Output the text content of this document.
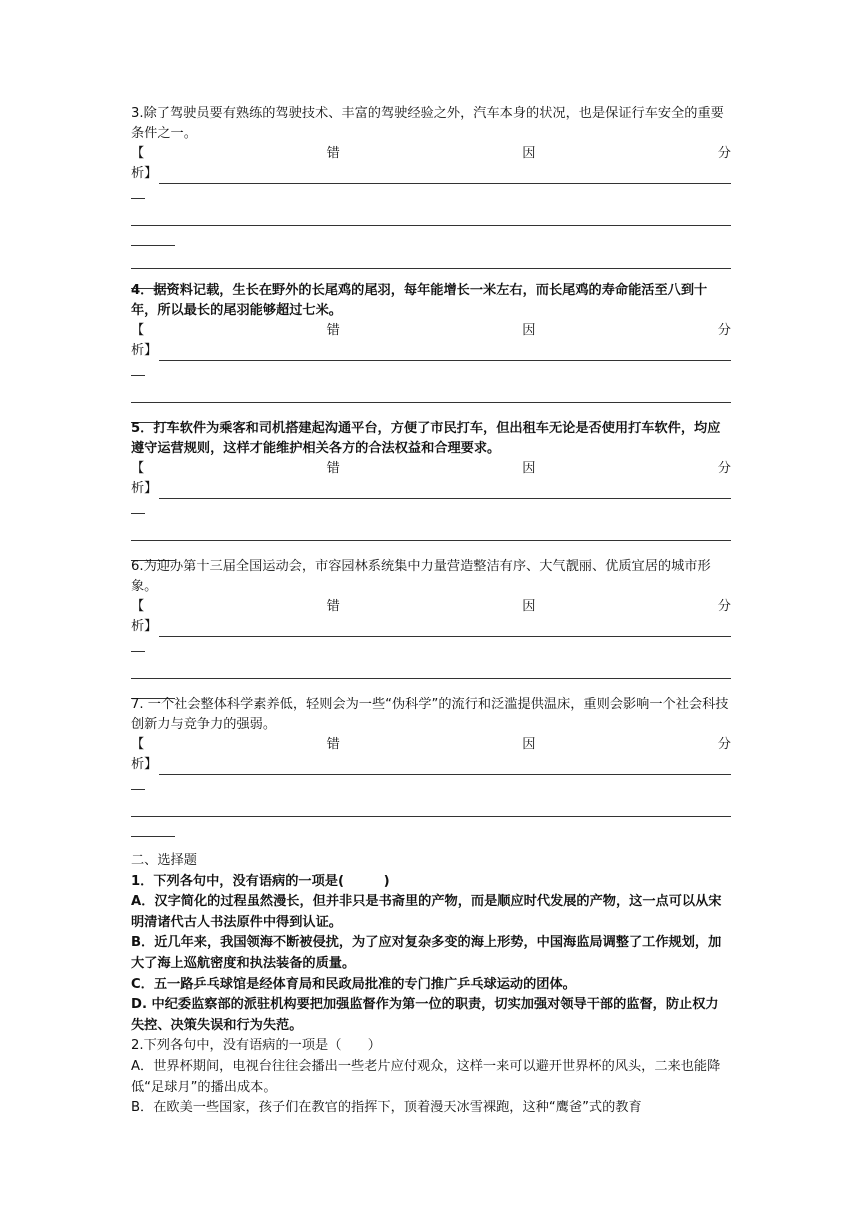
3.除了驾驶员要有熟练的驾驶技术、丰富的驾驶经验之外，汽车本身的状况，也是保证行车安全的重要条件之一。

【	错	因	分
析】

4．据资料记载，生长在野外的长尾鸡的尾羽，每年能增长一米左右，而长尾鸡的寿命能活至八到十年，所以最长的尾羽能够超过七米。

【	错	因	分
析】

5．打车软件为乘客和司机搭建起沟通平台，方便了市民打车，但出租车无论是否使用打车软件，均应遵守运营规则，这样才能维护相关各方的合法权益和合理要求。

【	错	因	分
析】

6.为迎办第十三届全国运动会，市容园林系统集中力量营造整洁有序、大气靓丽、优质宜居的城市形象。

【	错	因	分
析】

7. 一个社会整体科学素养低，轻则会为一些“伪科学”的流行和泛滥提供温床，重则会影响一个社会科技创新力与竞争力的强弱。

【	错	因	分
析】

二、选择题

1．下列各句中，没有语病的一项是(　　　)

A．汉字简化的过程虽然漫长，但并非只是书斋里的产物，而是顺应时代发展的产物，这一点可以从宋明清诸代古人书法原件中得到认证。

B．近几年来，我国领海不断被侵扰，为了应对复杂多变的海上形势，中国海监局调整了工作规划，加大了海上巡航密度和执法装备的质量。

C．五一路乒乓球馆是经体育局和民政局批准的专门推广乒乓球运动的团体。

D. 中纪委监察部的派驻机构要把加强监督作为第一位的职责，切实加强对领导干部的监督，防止权力失控、决策失误和行为失范。

2.下列各句中，没有语病的一项是（　　）

A．世界杯期间，电视台往往会播出一些老片应付观众，这样一来可以避开世界杯的风头，二来也能降低“足球月”的播出成本。

B．在欧美一些国家，孩子们在教官的指挥下，顶着漫天冰雪裸跑，这种“鹰爸”式的教育
